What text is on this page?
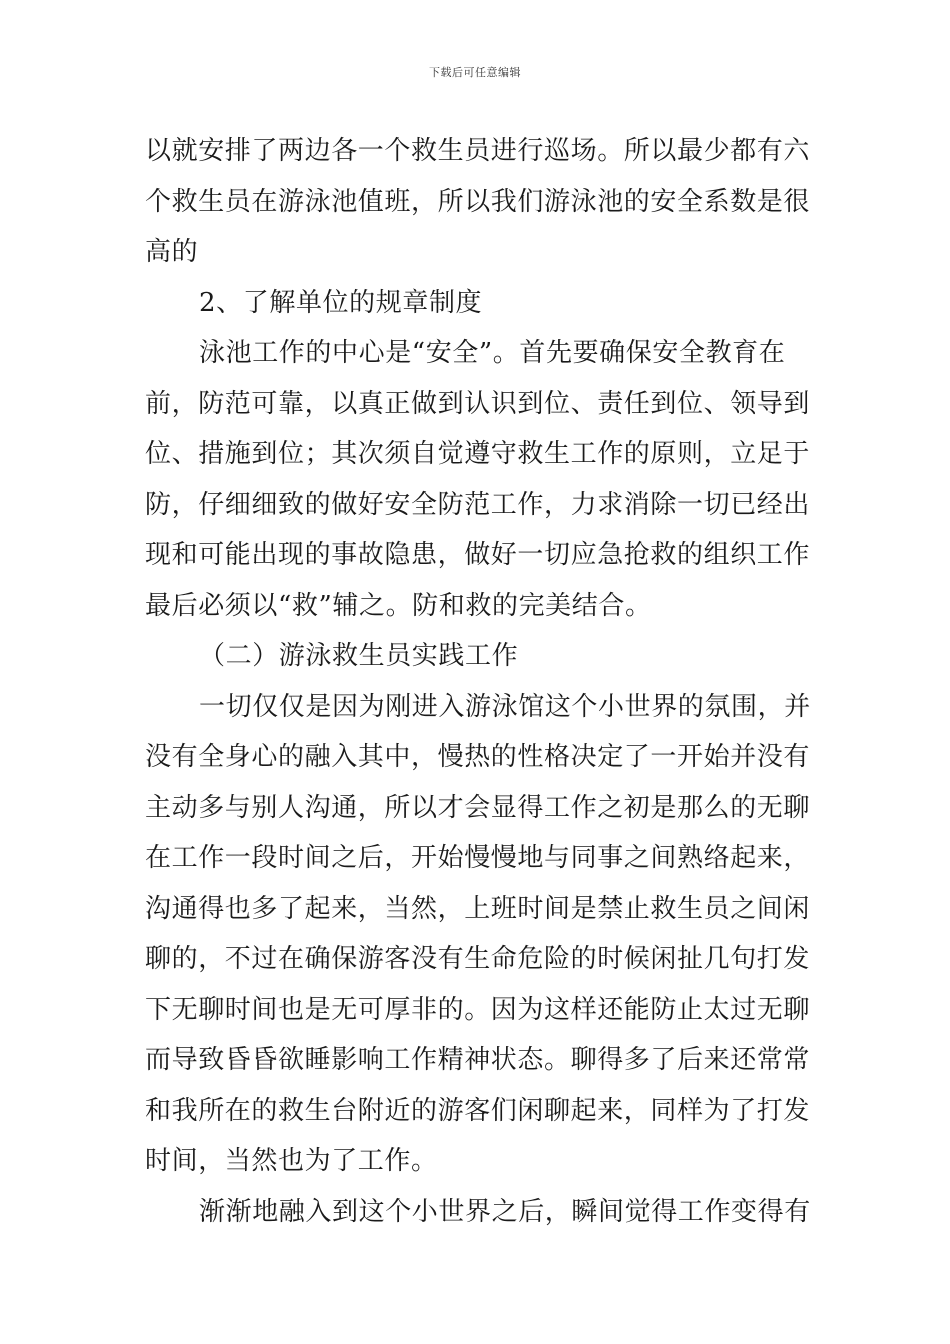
下载后可任意编辑
以就安排了两边各一个救生员进行巡场。所以最少都有六
个救生员在游泳池值班，所以我们游泳池的安全系数是很
高的
2、了解单位的规章制度
泳池工作的中心是“安全”。首先要确保安全教育在
前，防范可靠，以真正做到认识到位、责任到位、领导到
位、措施到位；其次须自觉遵守救生工作的原则，立足于
防，仔细细致的做好安全防范工作，力求消除一切已经出
现和可能出现的事故隐患，做好一切应急抢救的组织工作
最后必须以“救”辅之。防和救的完美结合。
（二）游泳救生员实践工作
一切仅仅是因为刚进入游泳馆这个小世界的氛围，并
没有全身心的融入其中，慢热的性格决定了一开始并没有
主动多与别人沟通，所以才会显得工作之初是那么的无聊
在工作一段时间之后，开始慢慢地与同事之间熟络起来，
沟通得也多了起来，当然，上班时间是禁止救生员之间闲
聊的，不过在确保游客没有生命危险的时候闲扯几句打发
下无聊时间也是无可厚非的。因为这样还能防止太过无聊
而导致昏昏欲睡影响工作精神状态。聊得多了后来还常常
和我所在的救生台附近的游客们闲聊起来，同样为了打发
时间，当然也为了工作。
渐渐地融入到这个小世界之后，瞬间觉得工作变得有
